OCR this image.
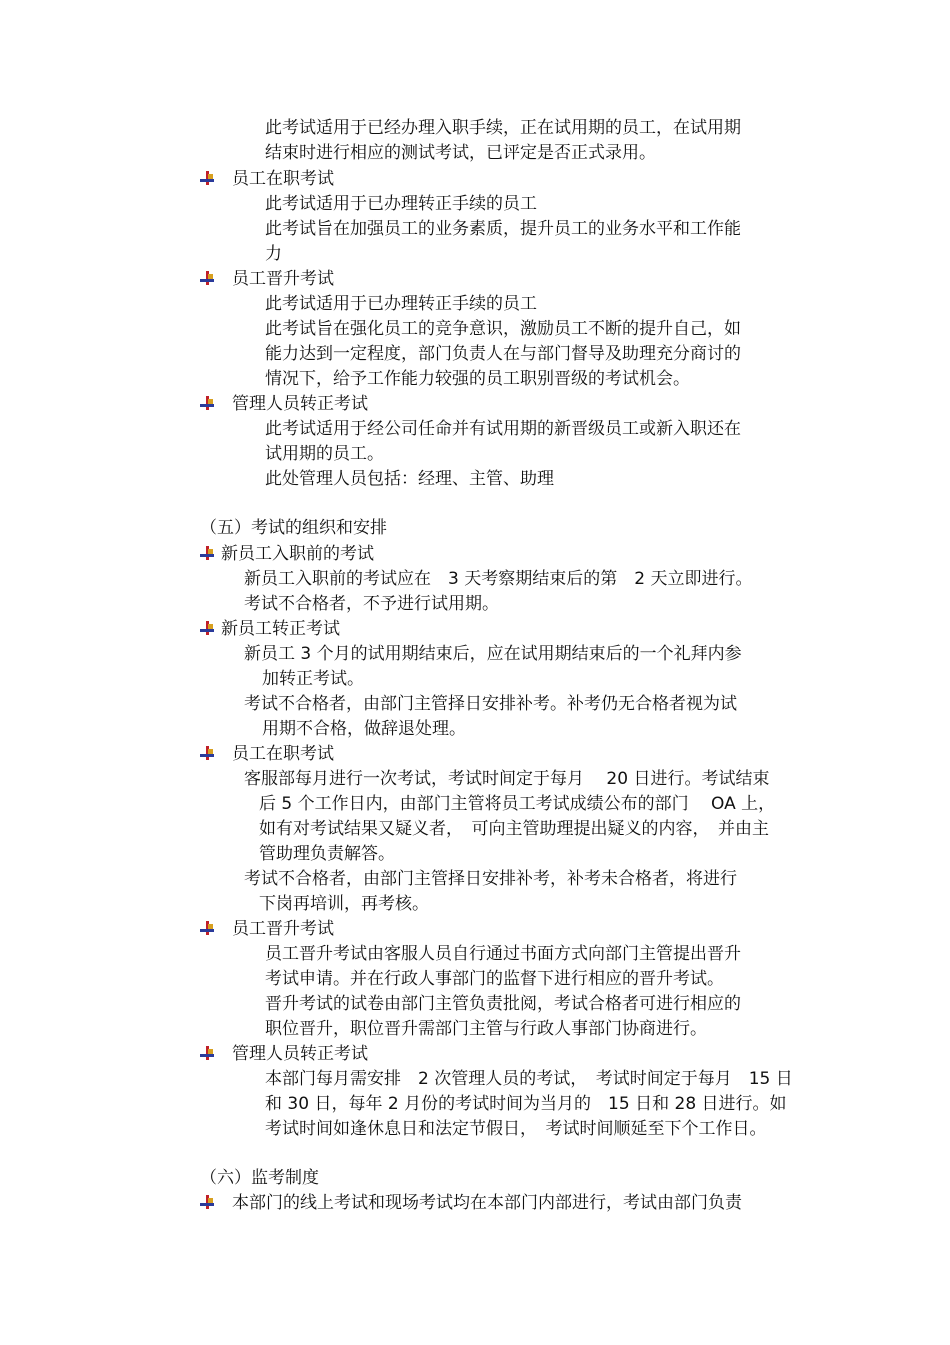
此考试适用于已经办理入职手续，正在试用期的员工，在试用期
结束时进行相应的测试考试，已评定是否正式录用。
员工在职考试
此考试适用于已办理转正手续的员工
此考试旨在加强员工的业务素质，提升员工的业务水平和工作能
力
员工晋升考试
此考试适用于已办理转正手续的员工
此考试旨在强化员工的竞争意识，激励员工不断的提升自己，如
能力达到一定程度，部门负责人在与部门督导及助理充分商讨的
情况下，给予工作能力较强的员工职别晋级的考试机会。
管理人员转正考试
此考试适用于经公司任命并有试用期的新晋级员工或新入职还在
试用期的员工。
此处管理人员包括：经理、主管、助理
（五）考试的组织和安排
新员工入职前的考试
新员工入职前的考试应在　3 天考察期结束后的第　2 天立即进行。
考试不合格者，不予进行试用期。
新员工转正考试
新员工 3 个月的试用期结束后，应在试用期结束后的一个礼拜内参
加转正考试。
考试不合格者，由部门主管择日安排补考。补考仍无合格者视为试
用期不合格，做辞退处理。
员工在职考试
客服部每月进行一次考试，考试时间定于每月　 20 日进行。考试结束
后 5 个工作日内，由部门主管将员工考试成绩公布的部门　 OA 上，
如有对考试结果又疑义者，　可向主管助理提出疑义的内容，　并由主
管助理负责解答。
考试不合格者，由部门主管择日安排补考，补考未合格者，将进行
下岗再培训，再考核。
员工晋升考试
员工晋升考试由客服人员自行通过书面方式向部门主管提出晋升
考试申请。并在行政人事部门的监督下进行相应的晋升考试。
晋升考试的试卷由部门主管负责批阅，考试合格者可进行相应的
职位晋升，职位晋升需部门主管与行政人事部门协商进行。
管理人员转正考试
本部门每月需安排　2 次管理人员的考试，　考试时间定于每月　15 日
和 30 日，每年 2 月份的考试时间为当月的　15 日和 28 日进行。如
考试时间如逢休息日和法定节假日，　考试时间顺延至下个工作日。
（六）监考制度
本部门的线上考试和现场考试均在本部门内部进行，考试由部门负责
